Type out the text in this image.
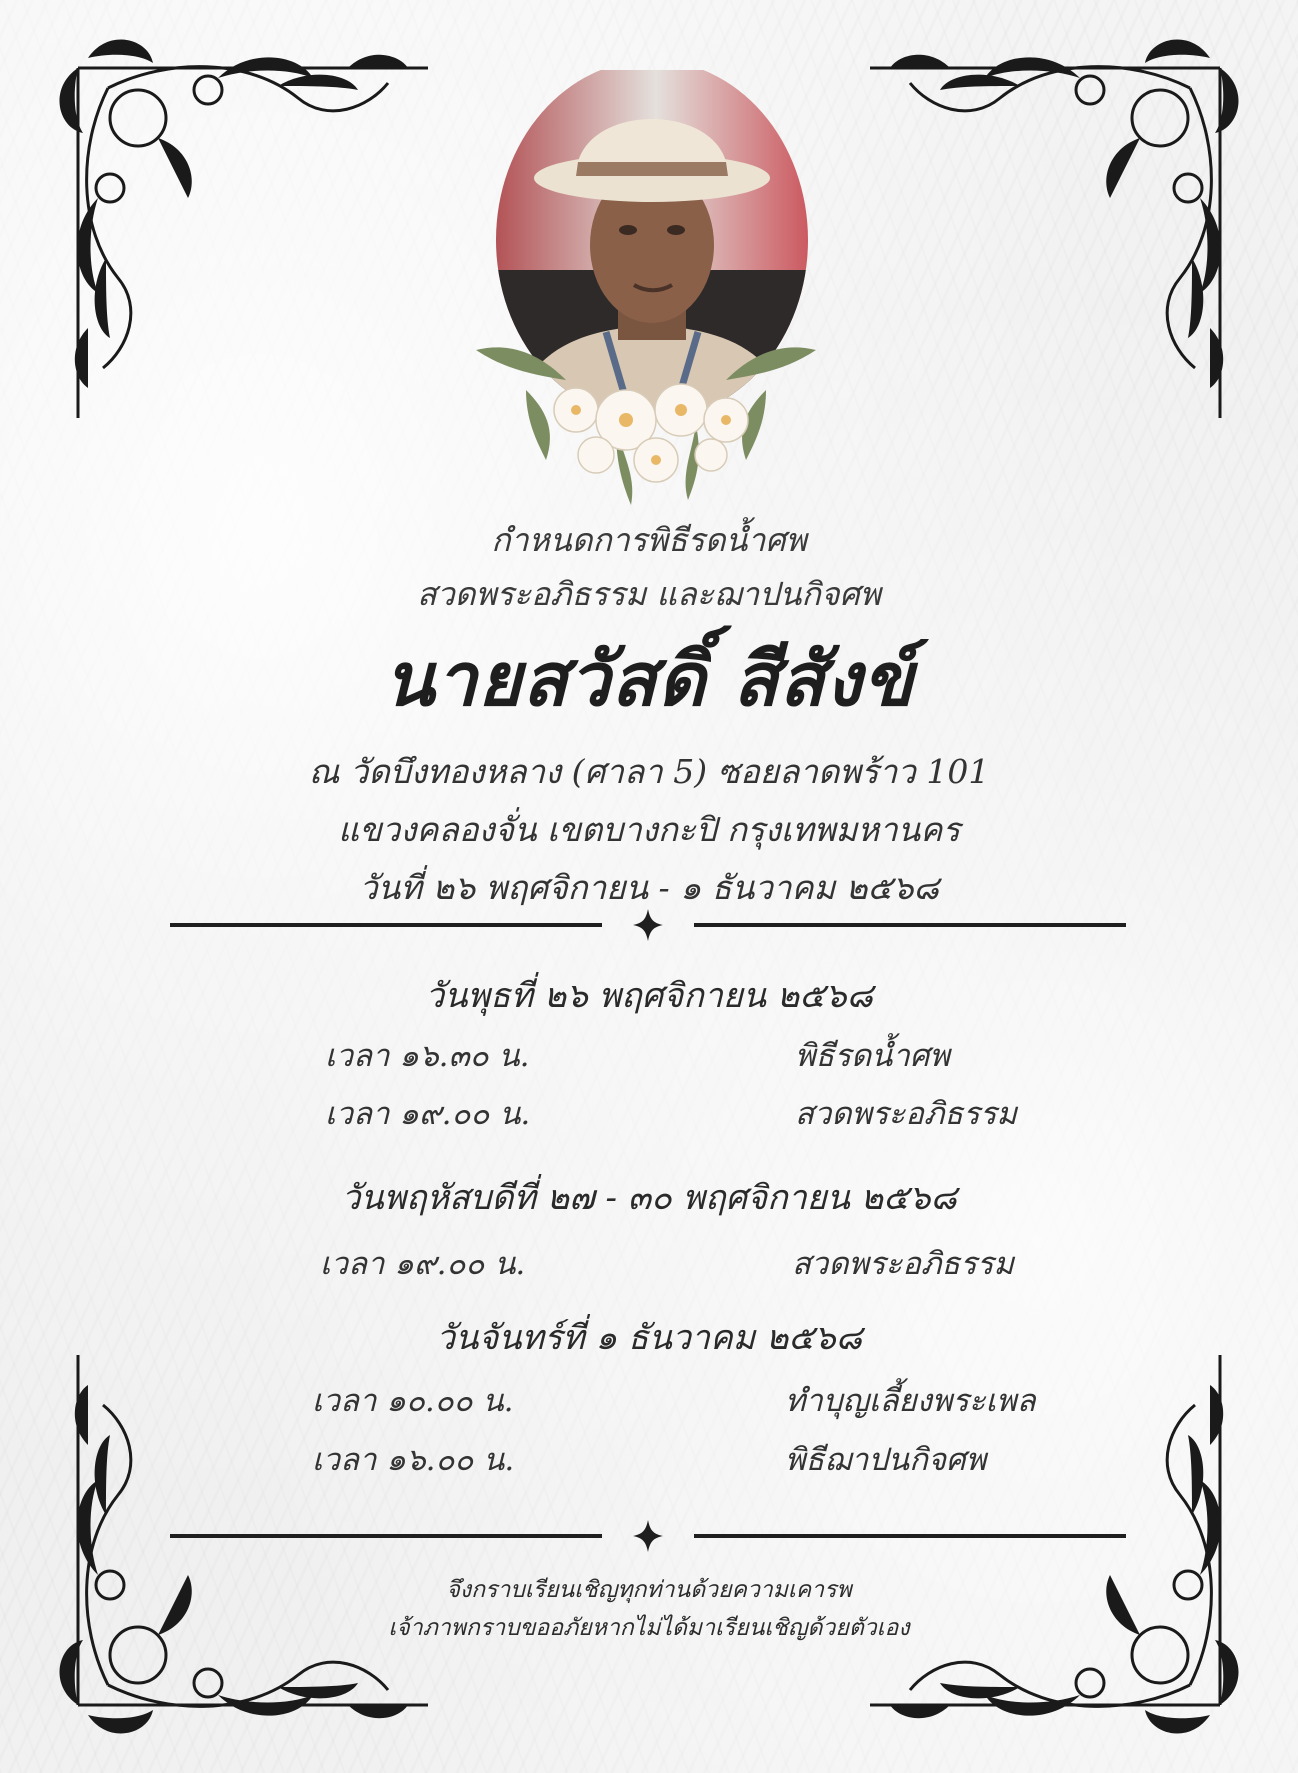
กำหนดการพิธีรดน้ำศพ
สวดพระอภิธรรม และฌาปนกิจศพ
นายสวัสดิ์ สีสังข์
ณ วัดบึงทองหลาง (ศาลา 5) ซอยลาดพร้าว 101
แขวงคลองจั่น เขตบางกะปิ กรุงเทพมหานคร
วันที่ ๒๖ พฤศจิกายน - ๑ ธันวาคม ๒๕๖๘
วันพุธที่ ๒๖ พฤศจิกายน ๒๕๖๘
เวลา ๑๖.๓๐ น.	พิธีรดน้ำศพ
เวลา ๑๙.๐๐ น.	สวดพระอภิธรรม
วันพฤหัสบดีที่ ๒๗ - ๓๐ พฤศจิกายน ๒๕๖๘
เวลา ๑๙.๐๐ น.	สวดพระอภิธรรม
วันจันทร์ที่ ๑ ธันวาคม ๒๕๖๘
เวลา ๑๐.๐๐ น.	ทำบุญเลี้ยงพระเพล
เวลา ๑๖.๐๐ น.	พิธีฌาปนกิจศพ
จึงกราบเรียนเชิญทุกท่านด้วยความเคารพ
เจ้าภาพกราบขออภัยหากไม่ได้มาเรียนเชิญด้วยตัวเอง
